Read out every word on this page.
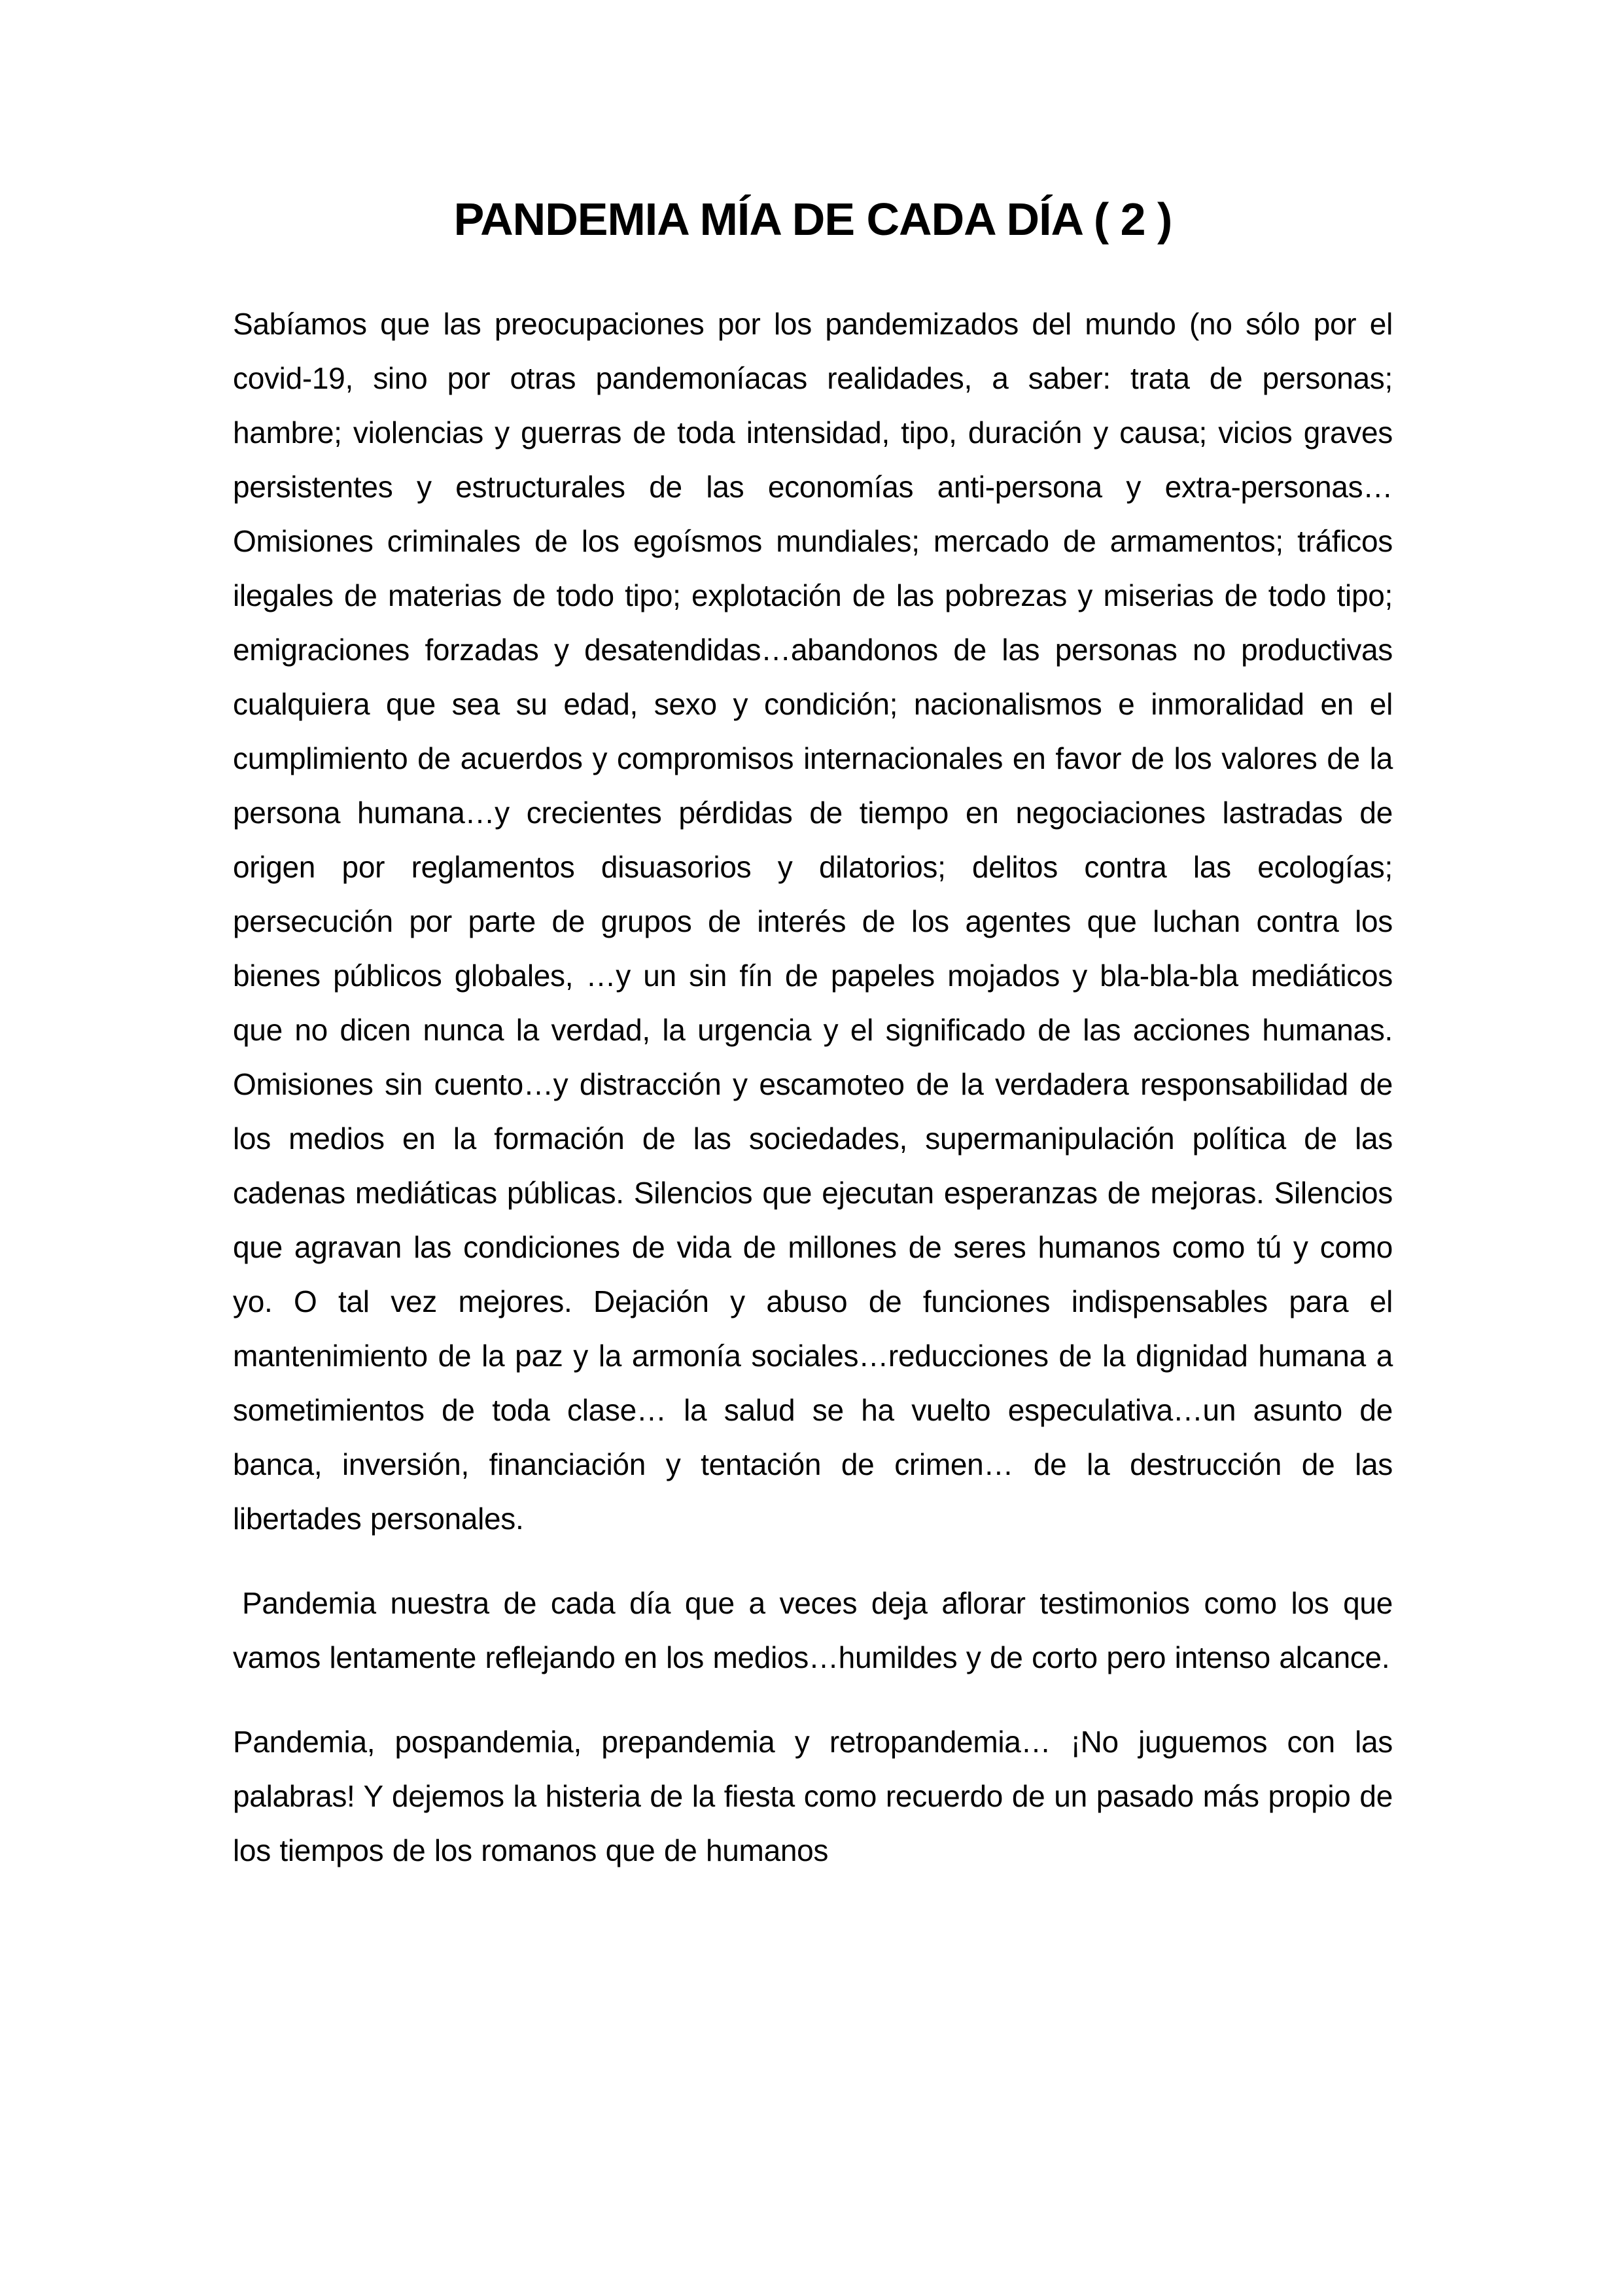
PANDEMIA MÍA DE CADA DÍA ( 2 )

Sabíamos que las preocupaciones por los pandemizados del mundo (no sólo por el covid-19, sino por otras pandemoníacas realidades, a saber: trata de personas; hambre; violencias y guerras de toda intensidad, tipo, duración y causa; vicios graves persistentes y estructurales de las economías anti-persona y extra-personas…Omisiones criminales de los egoísmos mundiales; mercado de armamentos; tráficos ilegales de materias de todo tipo; explotación de las pobrezas y miserias de todo tipo; emigraciones forzadas y desatendidas…abandonos de las personas no productivas cualquiera que sea su edad, sexo y condición; nacionalismos e inmoralidad en el cumplimiento de acuerdos y compromisos internacionales en favor de los valores de la persona humana…y crecientes pérdidas de tiempo en negociaciones lastradas de origen por reglamentos disuasorios y dilatorios; delitos contra las ecologías; persecución por parte de grupos de interés de los agentes que luchan contra los bienes públicos globales, …y un sin fín de papeles mojados y bla-bla-bla mediáticos que no dicen nunca la verdad, la urgencia y el significado de las acciones humanas. Omisiones sin cuento…y distracción y escamoteo de la verdadera responsabilidad de los medios en la formación de las sociedades, supermanipulación política de las cadenas mediáticas públicas. Silencios que ejecutan esperanzas de mejoras. Silencios que agravan las condiciones de vida de millones de seres humanos como tú y como yo. O tal vez mejores. Dejación y abuso de funciones indispensables para el mantenimiento de la paz y la armonía sociales…reducciones de la dignidad humana a sometimientos de toda clase… la salud se ha vuelto especulativa…un asunto de banca, inversión, financiación y tentación de crimen… de la destrucción de las libertades personales.

Pandemia nuestra de cada día que a veces deja aflorar testimonios como los que vamos lentamente reflejando en los medios…humildes y de corto pero intenso alcance.

Pandemia, pospandemia, prepandemia y retropandemia… ¡No juguemos con las palabras! Y dejemos la histeria de la fiesta como recuerdo de un pasado más propio de los tiempos de los romanos que de humanos
